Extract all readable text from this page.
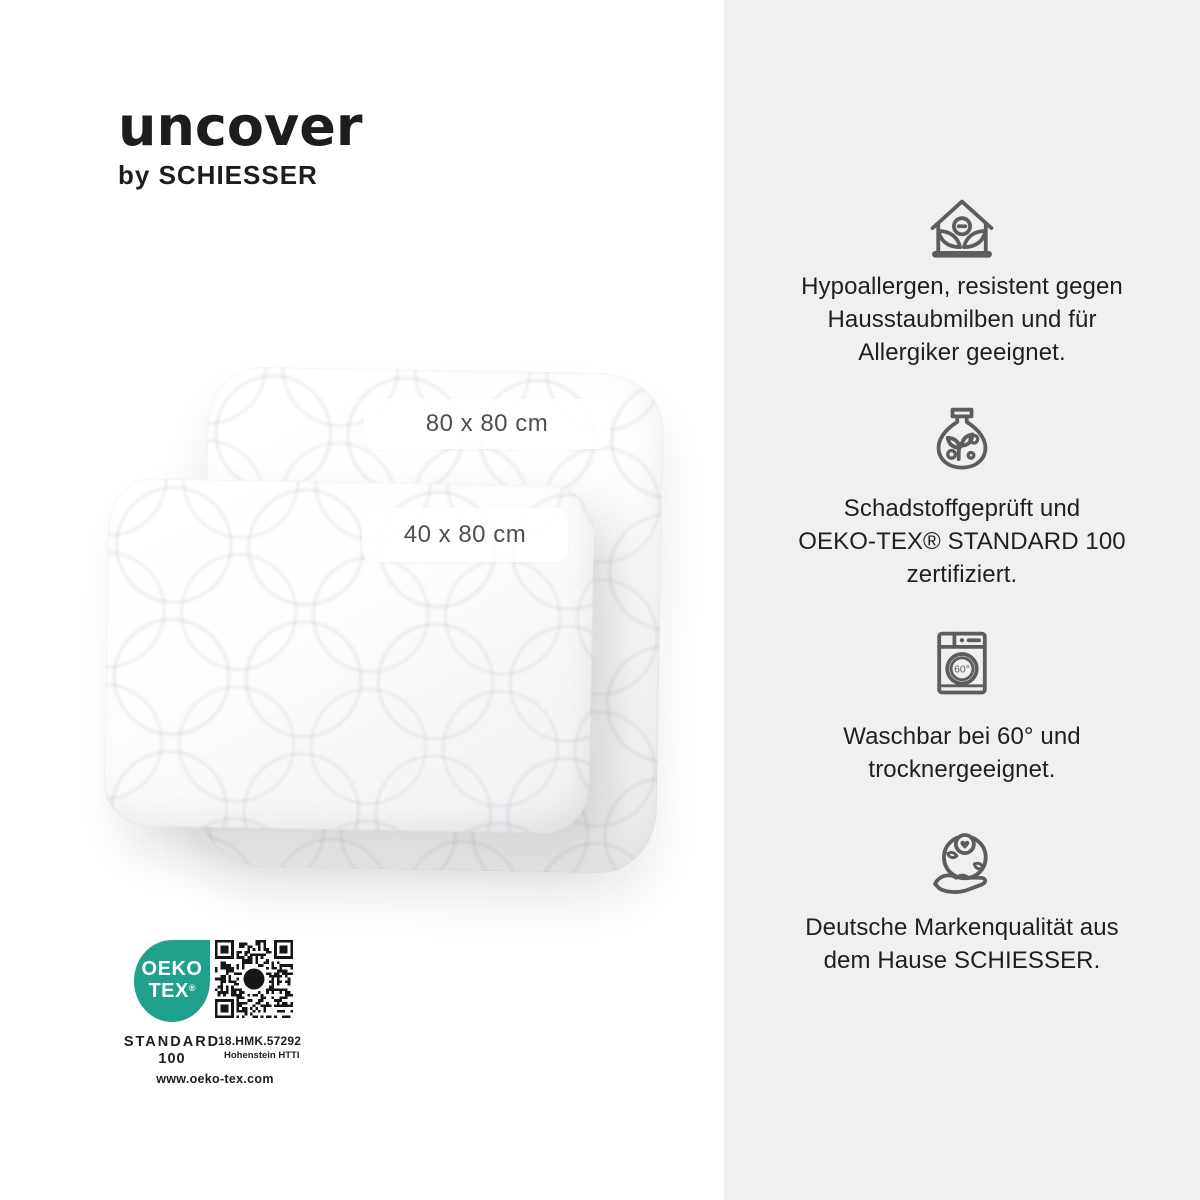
uncover
by SCHIESSER
80 x 80 cm
40 x 80 cm
OEKO
TEX®
STANDARD
100
18.HMK.57292
Hohenstein HTTI
www.oeko-tex.com
Hypoallergen, resistent gegen
Hausstaubmilben und für
Allergiker geeignet.
Schadstoffgeprüft und
OEKO-TEX® STANDARD 100
zertifiziert.
60°
Waschbar bei 60° und
trocknergeeignet.
Deutsche Markenqualität aus
dem Hause SCHIESSER.
